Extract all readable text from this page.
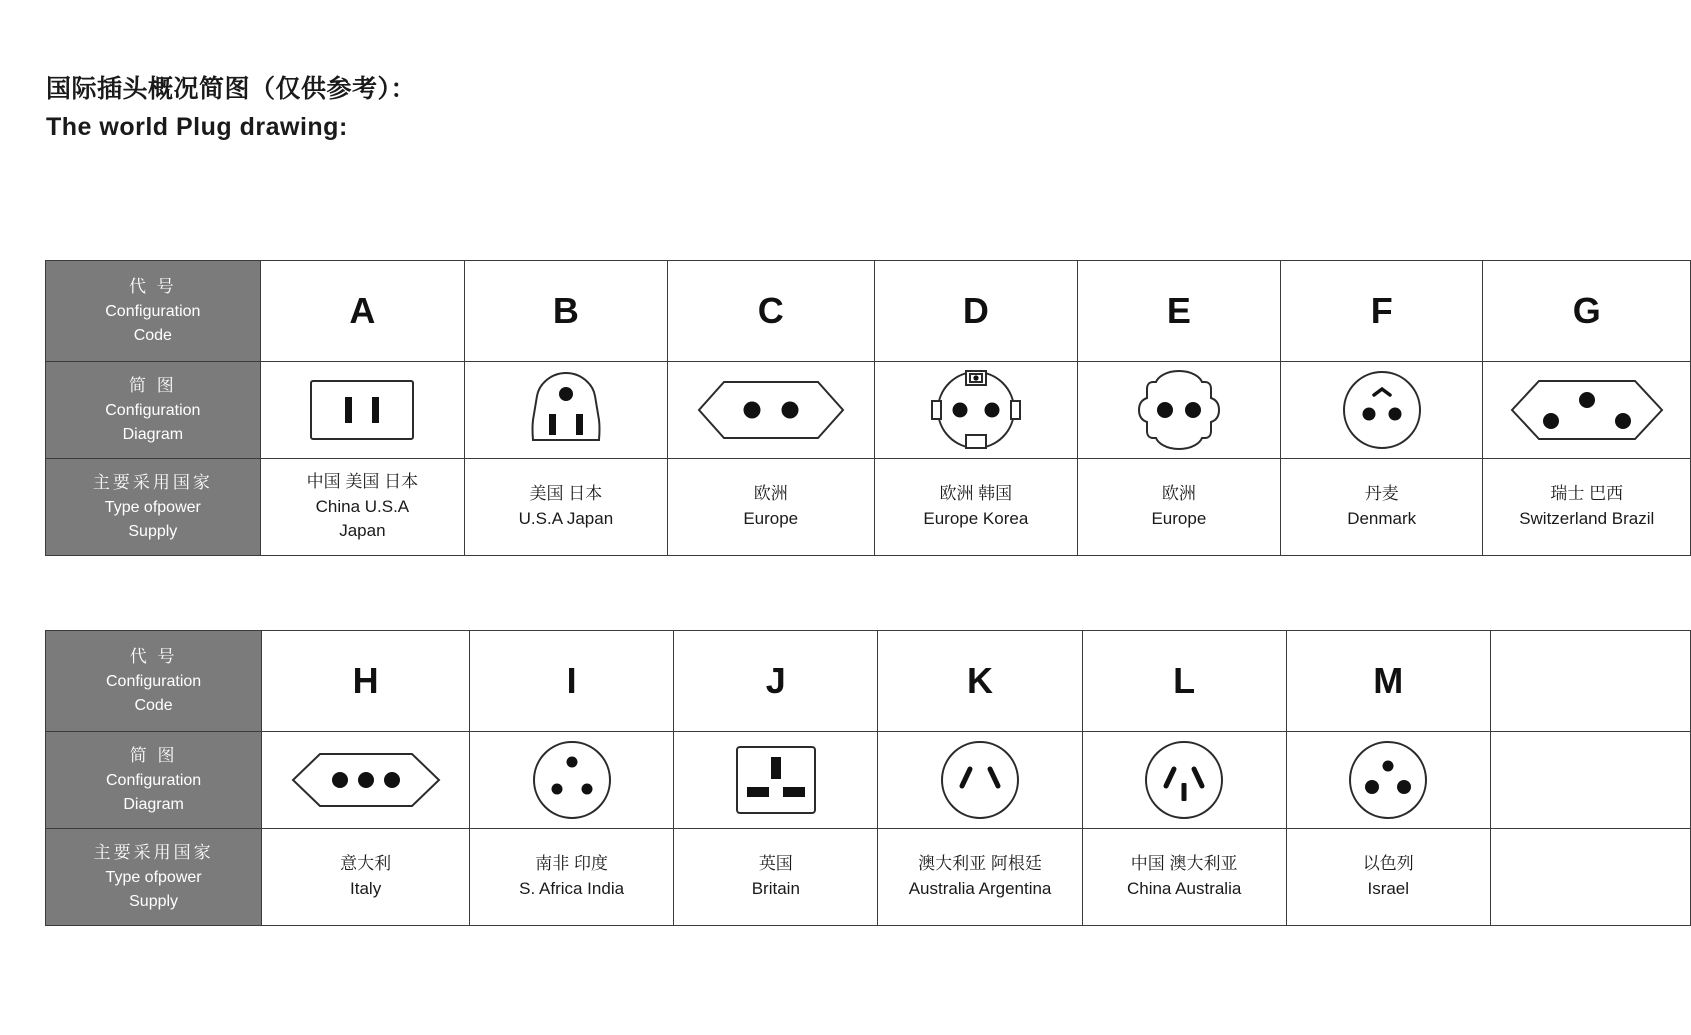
国际插头概况简图（仅供参考）：
The world Plug drawing:
代 号
Configuration
Code	A	B	C	D	E	F	G

简 图
Configuration
Diagram

主要采用国家
Type ofpower
Supply	中国 美国 日本
China U.S.A
Japan	美国 日本
U.S.A Japan	欧洲
Europe	欧洲 韩国
Europe Korea	欧洲
Europe	丹麦
Denmark	瑞士 巴西
Switzerland Brazil
代 号
Configuration
Code	H	I	J	K	L	M	

简 图
Configuration
Diagram

主要采用国家
Type ofpower
Supply	意大利
Italy	南非 印度
S. Africa India	英国
Britain	澳大利亚 阿根廷
Australia Argentina	中国 澳大利亚
China Australia	以色列
Israel	
